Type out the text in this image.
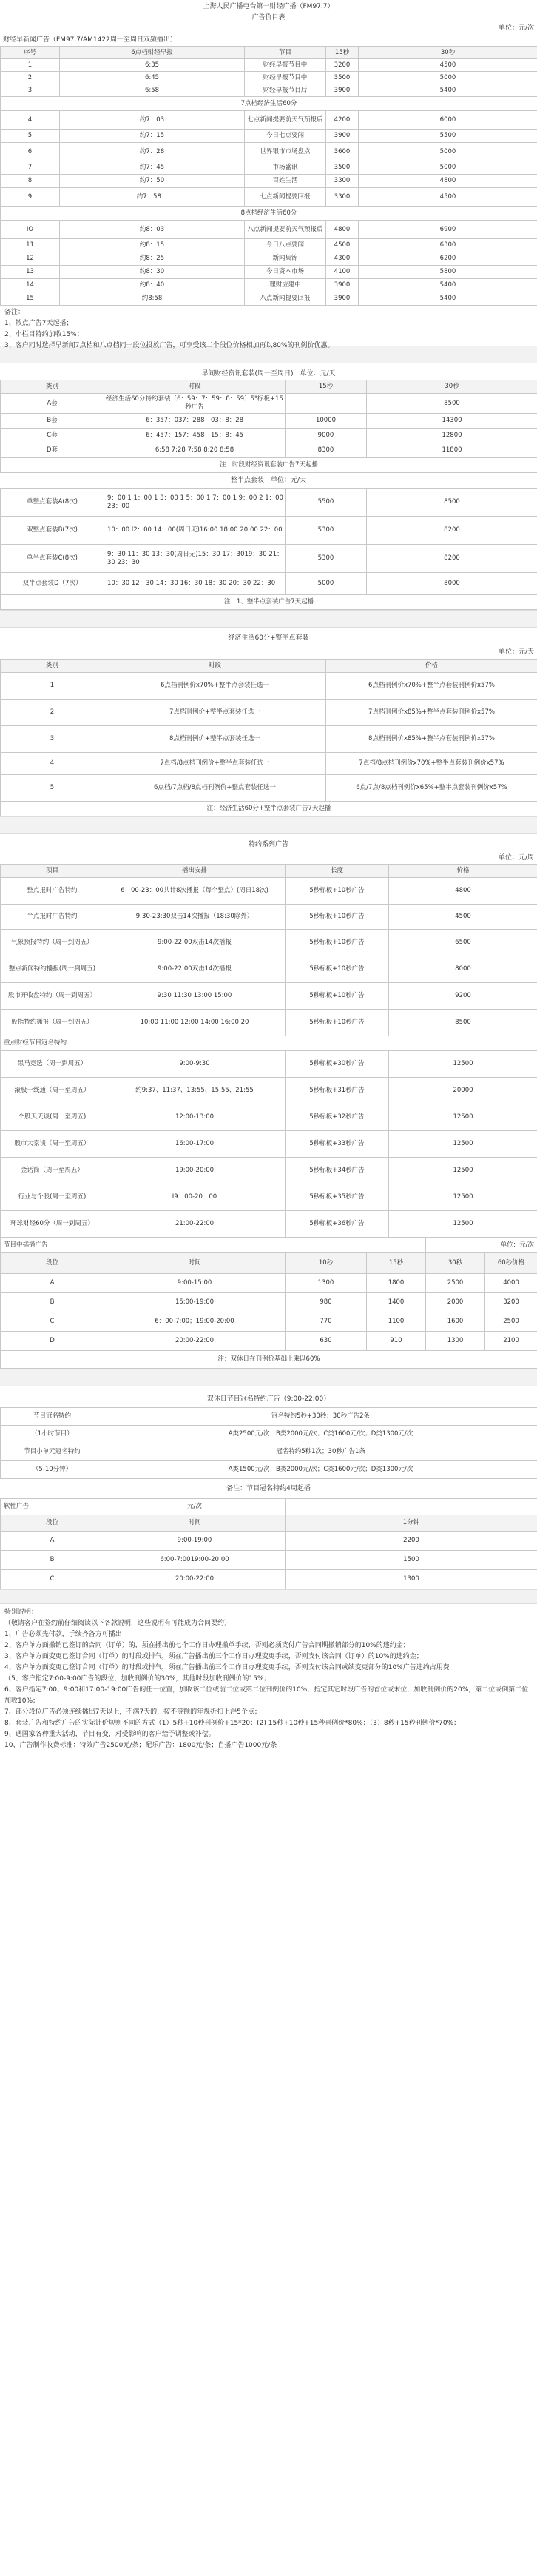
上海人民广播电台第一财经广播（FM97.7）
广告价目表
单位：元/次
财经早新闻广告（FM97.7/AM1422周一至周日双频播出）
序号	6点档财经早报	节目	15秒	30秒
1	6:35	财经早报节目中	3200	4500
2	6:45	财经早报节目中	3500	5000
3	6:58	财经早报节目后	3900	5400
7点档经济生活60分				
4	约7：03	七点新闻提要前天气预报后	4200	6000
5	约7：15	今日七点要闻	3900	5500
6	约7：28	世界银市市场盘点	3600	5000
7	约7：45	市场盛讯	3500	5000
8	约7：50	百姓生活	3300	4800
9	约7：58：	七点新闻提要回报	3300	4500
8点档经济生活60分				
IO	约8：03	八点新闻提要前天气预报后	4800	6900
11	约8：15	今日八点要闻	4500	6300
12	约8：25	新闻集锦	4300	6200
13	约8：30	今日资本市场	4100	5800
14	约8：40	理财应建中	3900	5400
15	约8:58	八点新闻提要回报	3900	5400
备注：
1、散点广告7天起播；
2、小栏目特约加收15%；
3、客户同时选择早新闻7点档和八点档同一段位投放广告，可享受该二个段位价格相加再以80%的刊例价优惠。
早间财经资讯套装(周一至周日)　 单位：元/天
类别	时段	15秒	30秒
A套	经济生活60分特约套装（6：59：7：59：8：59）5"标板+15秒广告		8500
B套	6：357：037：288：03：8：28	10000	14300
C套	6：457：157：458：15：8：45	9000	12800
D套	6:58 7:28 7:58 8:20 8:58	8300	11800
注：时段财经资讯套装广告7天起播			
整半点套装　 单位：元/天
单整点套装A(8次)	9：00 1 1：00 1 3：00 1 5：00 1 7：00 1 9：00 2 1：00 23：00	5500	8500
双整点套装B(7次)	10：00 l2：00 14：00(周日无)16:00 18:00 20:00 22：00	5300	8200
单半点套装C(8次)	9：30 11：30 13：30(周日无)15：30 17：3019：30 21：30 23：30	5300	8200
双半点套装D（7次）	10：30 12：30 14：30 16：30 18：30 20：30 22：30	5000	8000
注：1、整半点套装广告7天起播			
经济生活60分+整半点套装
单位：元/天
类别	时段	价格
1	6点档刊例价x70%+整半点套装任选一	6点档刊例价x70%+整半点套装刊例价x57%
2	7点档刊例价+整半点套装任选一	7点档刊例价x85%+整半点套装刊例价x57%
3	8点档刊例价+整半点套装任选一	8点档刊例价x85%+整半点套装刊例价x57%
4	7点档/8点档刊例价+整半点套装任选一	7点档/8点档刊例价x70%+整半点套装刊例价x57%
5	6点档/7点档/8点档刊例价+整点套装任选一	6点/7点/8点档刊例价x65%+整半点套装刊例价x57%
注：经济生活60分+整半点套装广告7天起播		
特约系列广告
单位：元/周
项目	播出安排	长度	价格
整点报时广告特约	6：00-23：00共计8次播报（每个整点）(周日18次)	5秒标板+10秒广告	4800
半点报时广告特约	9:30-23:30双击14次播报（18:30除外）	5秒标板+10秒广告	4500
气象预报特约（周一到周五）	9:00-22:00双击14次播报	5秒标板+10秒广告	6500
整点新闻特约播报(周一到周五)	9:00-22:00双击14次播报	5秒标板+10秒广告	8000
股市开收盘特约（周一到周五）	9:30 11:30 13:00 15:00	5秒标板+10秒广告	9200
股指特约播报（周一到周五）	10:00 11:00 12:00 14:00 16:00 20	5秒标板+10秒广告	8500
重点财经节目冠名特约			
黑马竞选（周一到周五）	9:00-9:30	5秒标板+30秒广告	12500
滚股一线通（周一至周五）	约9:37、11:37、13:55、15:55、21:55	5秒标板+31秒广告	20000
个股天天谈(周一至周五)	12:00-13:00	5秒标板+32秒广告	12500
股市大家谈（周一至周五）	16:00-17:00	5秒标板+33秒广告	12500
金话筒（周一至周五）	19:00-20:00	5秒标板+34秒广告	12500
行业与个股(周一至周五)	I9：00-20：00	5秒标板+35秒广告	12500
环球财经60分（周一到周五）	21:00-22:00	5秒标板+36秒广告	12500
节目中插播广告				单位：元/次	
段位	时间	10秒	15秒	30秒	60秒价格
A	9:00-15:00	1300	1800	2500	4000
B	15:00-19:00	980	1400	2000	3200
C	6：00-7:00；19:00-20:00	770	1100	1600	2500
D	20:00-22:00	630	910	1300	2100
注：双休日在刊例价基础上乘以60%					
双休日节目冠名特约广告（9:00-22:00）
节目冠名特约	冠名特约5秒+30秒；30秒广告2条
（1小时节目）	A类2500元/次；B类2000元/次；C类1600元/次；D类1300元/次
节目小单元冠名特约	冠名特约5秒1次；30秒广告1条
（5-10分钟）	A类1500元/次；B类2000元/次；C类1600元/次；D类1300元/次
备注：节目冠名特约4周起播
软性广告	元/次	
段位	时间	1分钟
A	9:00-19:00	2200
B	6:00-7:0019:00-20:00	1500
C	20:00-22:00	1300
特别说明：
（敬请客户在签约前仔细阅读以下各款说明，这些说明有可能成为合同要约）
1、广告必须先付款，手续齐备方可播出
2、客户单方面撤销已签订的合同（订单）的，须在播出前七个工作日办理撤单手续，否则必须支付广告合同期撤销部分的10%的违约金；
3、客户单方面变更已签订合同（订单）的时段或排气，须在广告播出前三个工作日办理变更手续，否则支付该合同（订单）的10%的违约金；
4、客户单方面变更已签订合同（订单）的时段或排气，须在广告播出前三个工作日办理变更手续，否则支付该合同或续变更部分的10%广告违约占用费
（5、客户指定7:00-9:00广告的段位，加收刊例价的30%，其他时段加收刊例价的15%；
6、客户指定7:00、9:00和17:00-19:00广告的任一位置，加收该二位或前二位或第二位刊例价的10%，指定其它时段广告的首位或末位，加收刊例价的20%，第二位或倒第二位加收10%；
7、部分段位广告必须连续播出7天以上，不满7天的，按不等额的年规折扣上浮5个点；
8、套装广告和特约广告的实际计价规则不同的方式（1）5秒+10秒刊例价+15*20；(2) 15秒+10秒+15秒刊例价*80%；（3）8秒+15秒刊例价*70%；
9、遇国家各种重大活动，节目有变，对受影响的客户给予调整或补偿。
10、广告制作收费标准：特效广告2500元/条；配乐广告：1800元/条；自播广告1000元/条
